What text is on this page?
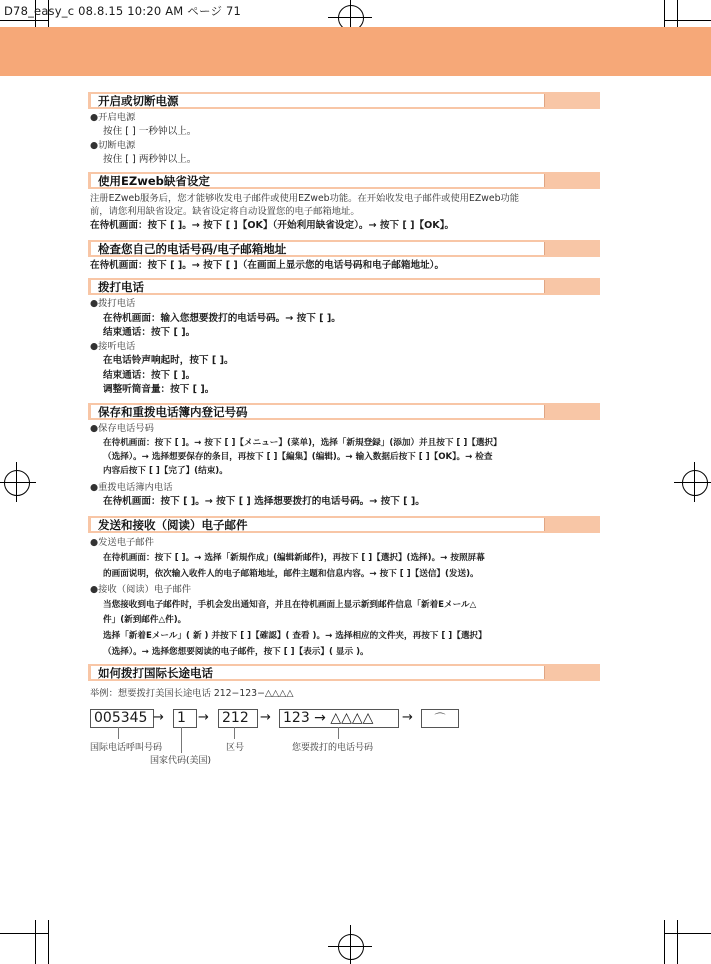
D78_easy_c 08.8.15 10:20 AM ページ 71
开启或切断电源
●开启电源
按住 [ ] 一秒钟以上。
●切断电源
按住 [ ] 两秒钟以上。
使用EZweb缺省设定
注册EZweb服务后，您才能够收发电子邮件或使用EZweb功能。在开始收发电子邮件或使用EZweb功能
前，请您利用缺省设定。缺省设定将自动设置您的电子邮箱地址。
在待机画面：按下 [ ]。→ 按下 [ ]【OK】（开始利用缺省设定）。→ 按下 [ ]【OK】。
检查您自己的电话号码/电子邮箱地址
在待机画面：按下 [ ]。→ 按下 [ ]（在画面上显示您的电话号码和电子邮箱地址）。
拨打电话
●拨打电话
在待机画面：输入您想要拨打的电话号码。→ 按下 [ ]。
结束通话：按下 [ ]。
●接听电话
在电话铃声响起时，按下 [ ]。
结束通话：按下 [ ]。
调整听筒音量：按下 [ ]。
保存和重拨电话簿内登记号码
●保存电话号码
在待机画面：按下 [ ]。→ 按下 [ ]【メニュー】(菜单)，选择「新規登録」(添加）并且按下 [ ]【選択】
（选择）。→ 选择想要保存的条目，再按下 [ ]【編集】(编辑)。→ 输入数据后按下 [ ]【OK】。→ 检查
内容后按下 [ ]【完了】(结束)。
●重拨电话簿内电话
在待机画面：按下 [ ]。→ 按下 [ ] 选择想要拨打的电话号码。→ 按下 [ ]。
发送和接收（阅读）电子邮件
●发送电子邮件
在待机画面：按下 [ ]。→ 选择「新規作成」(编辑新邮件)，再按下 [ ]【選択】(选择)。→ 按照屏幕
的画面说明，依次输入收件人的电子邮箱地址，邮件主题和信息内容。→ 按下 [ ]【送信】(发送)。
●接收（阅读）电子邮件
当您接收到电子邮件时，手机会发出通知音，并且在待机画面上显示新到邮件信息「新着Eメール△
件」(新到邮件△件)。
选择「新着Eメール」( 新 ) 并按下 [ ]【確認】( 查看 )。→ 选择相应的文件夹，再按下 [ ]【選択】
（选择）。→ 选择您想要阅读的电子邮件，按下 [ ]【表示】( 显示 )。
如何拨打国际长途电话
举例：想要拨打美国长途电话 212−123−△△△△
005345 → 1 → 212 → 123 → △△△△	→	⌒
国际电话呼叫号码
国家代码(美国)
区号	您要拨打的电话号码
